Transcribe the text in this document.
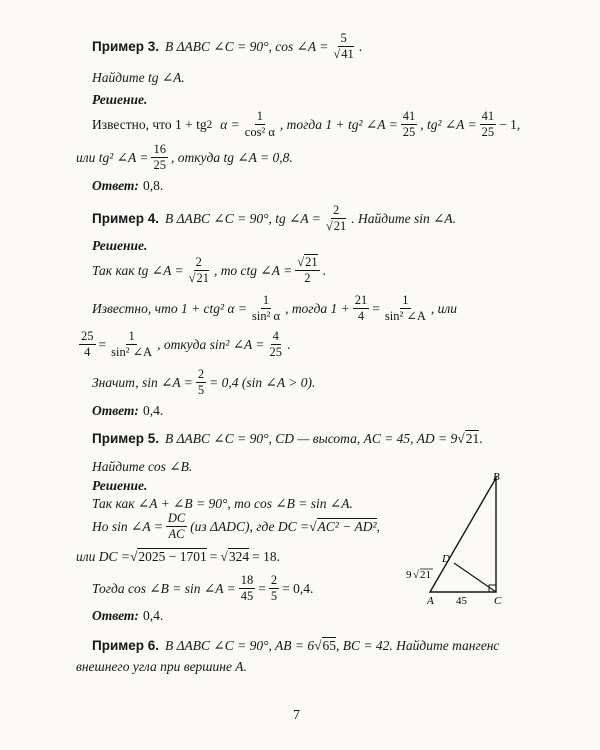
Пример 3. В ΔABC ∠C = 90°, cos ∠A = $\frac{5}{√41}$ .
Найдите tg ∠A.
Решение.
Известно, что 1 + tg 2 $\alpha = \frac{1}{\text{cos² α}}$ , тогда 1 + tg² ∠A = $\frac{41}{25}$ , tg² ∠A = $\frac{41}{25} - 1$,
или tg² ∠A = $\frac{16}{25}$ , откуда tg ∠A = 0,8.
Ответ: 0,8.
Пример 4. В ΔABC ∠C = 90°, tg ∠A = $\frac{2}{√21}$ . Найдите sin ∠A.
Решение.
Так как tg ∠A = $\frac{2}{√21}$ , то ctg ∠A = $\frac{√21}{2}$ .
Известно, что 1 + ctg² $\alpha = \frac{1}{\text{sin² α}}$ , тогда $1 + \frac{21}{4} = \frac{1}{\text{sin² ∠A}}$ , или
$\frac{25}{4} = \frac{1}{\text{sin² ∠A}}$ , откуда sin² ∠A = $\frac{4}{25}$ .
Значит, sin ∠A = $\frac{2}{5} = 0,4$ (sin ∠A > 0).
Ответ: 0,4.
Пример 5. В ΔABC ∠C = 90°, CD — высота, AC = 45, AD = 9 √ 21 .
Найдите cos ∠B.
Решение.
Так как ∠A + ∠B = 90°, то cos ∠B = sin ∠A.
Но sin ∠A = $\frac{DC}{AC} (из$ ΔADC), где DC = √ AC² − AD² ,
или DC = √ 2025 − 1701 = √ 324 = 18.
Тогда cos ∠B = sin ∠A = $\frac{18}{45} = \frac{2}{5} = 0,4$.
Ответ: 0,4.
B
D
A	C
9 √ 21
45
Пример 6. В ΔABC ∠C = 90°, AB = 6 √ 65 , BC = 42. Найдите тангенс
внешнего угла при вершине A.
7
